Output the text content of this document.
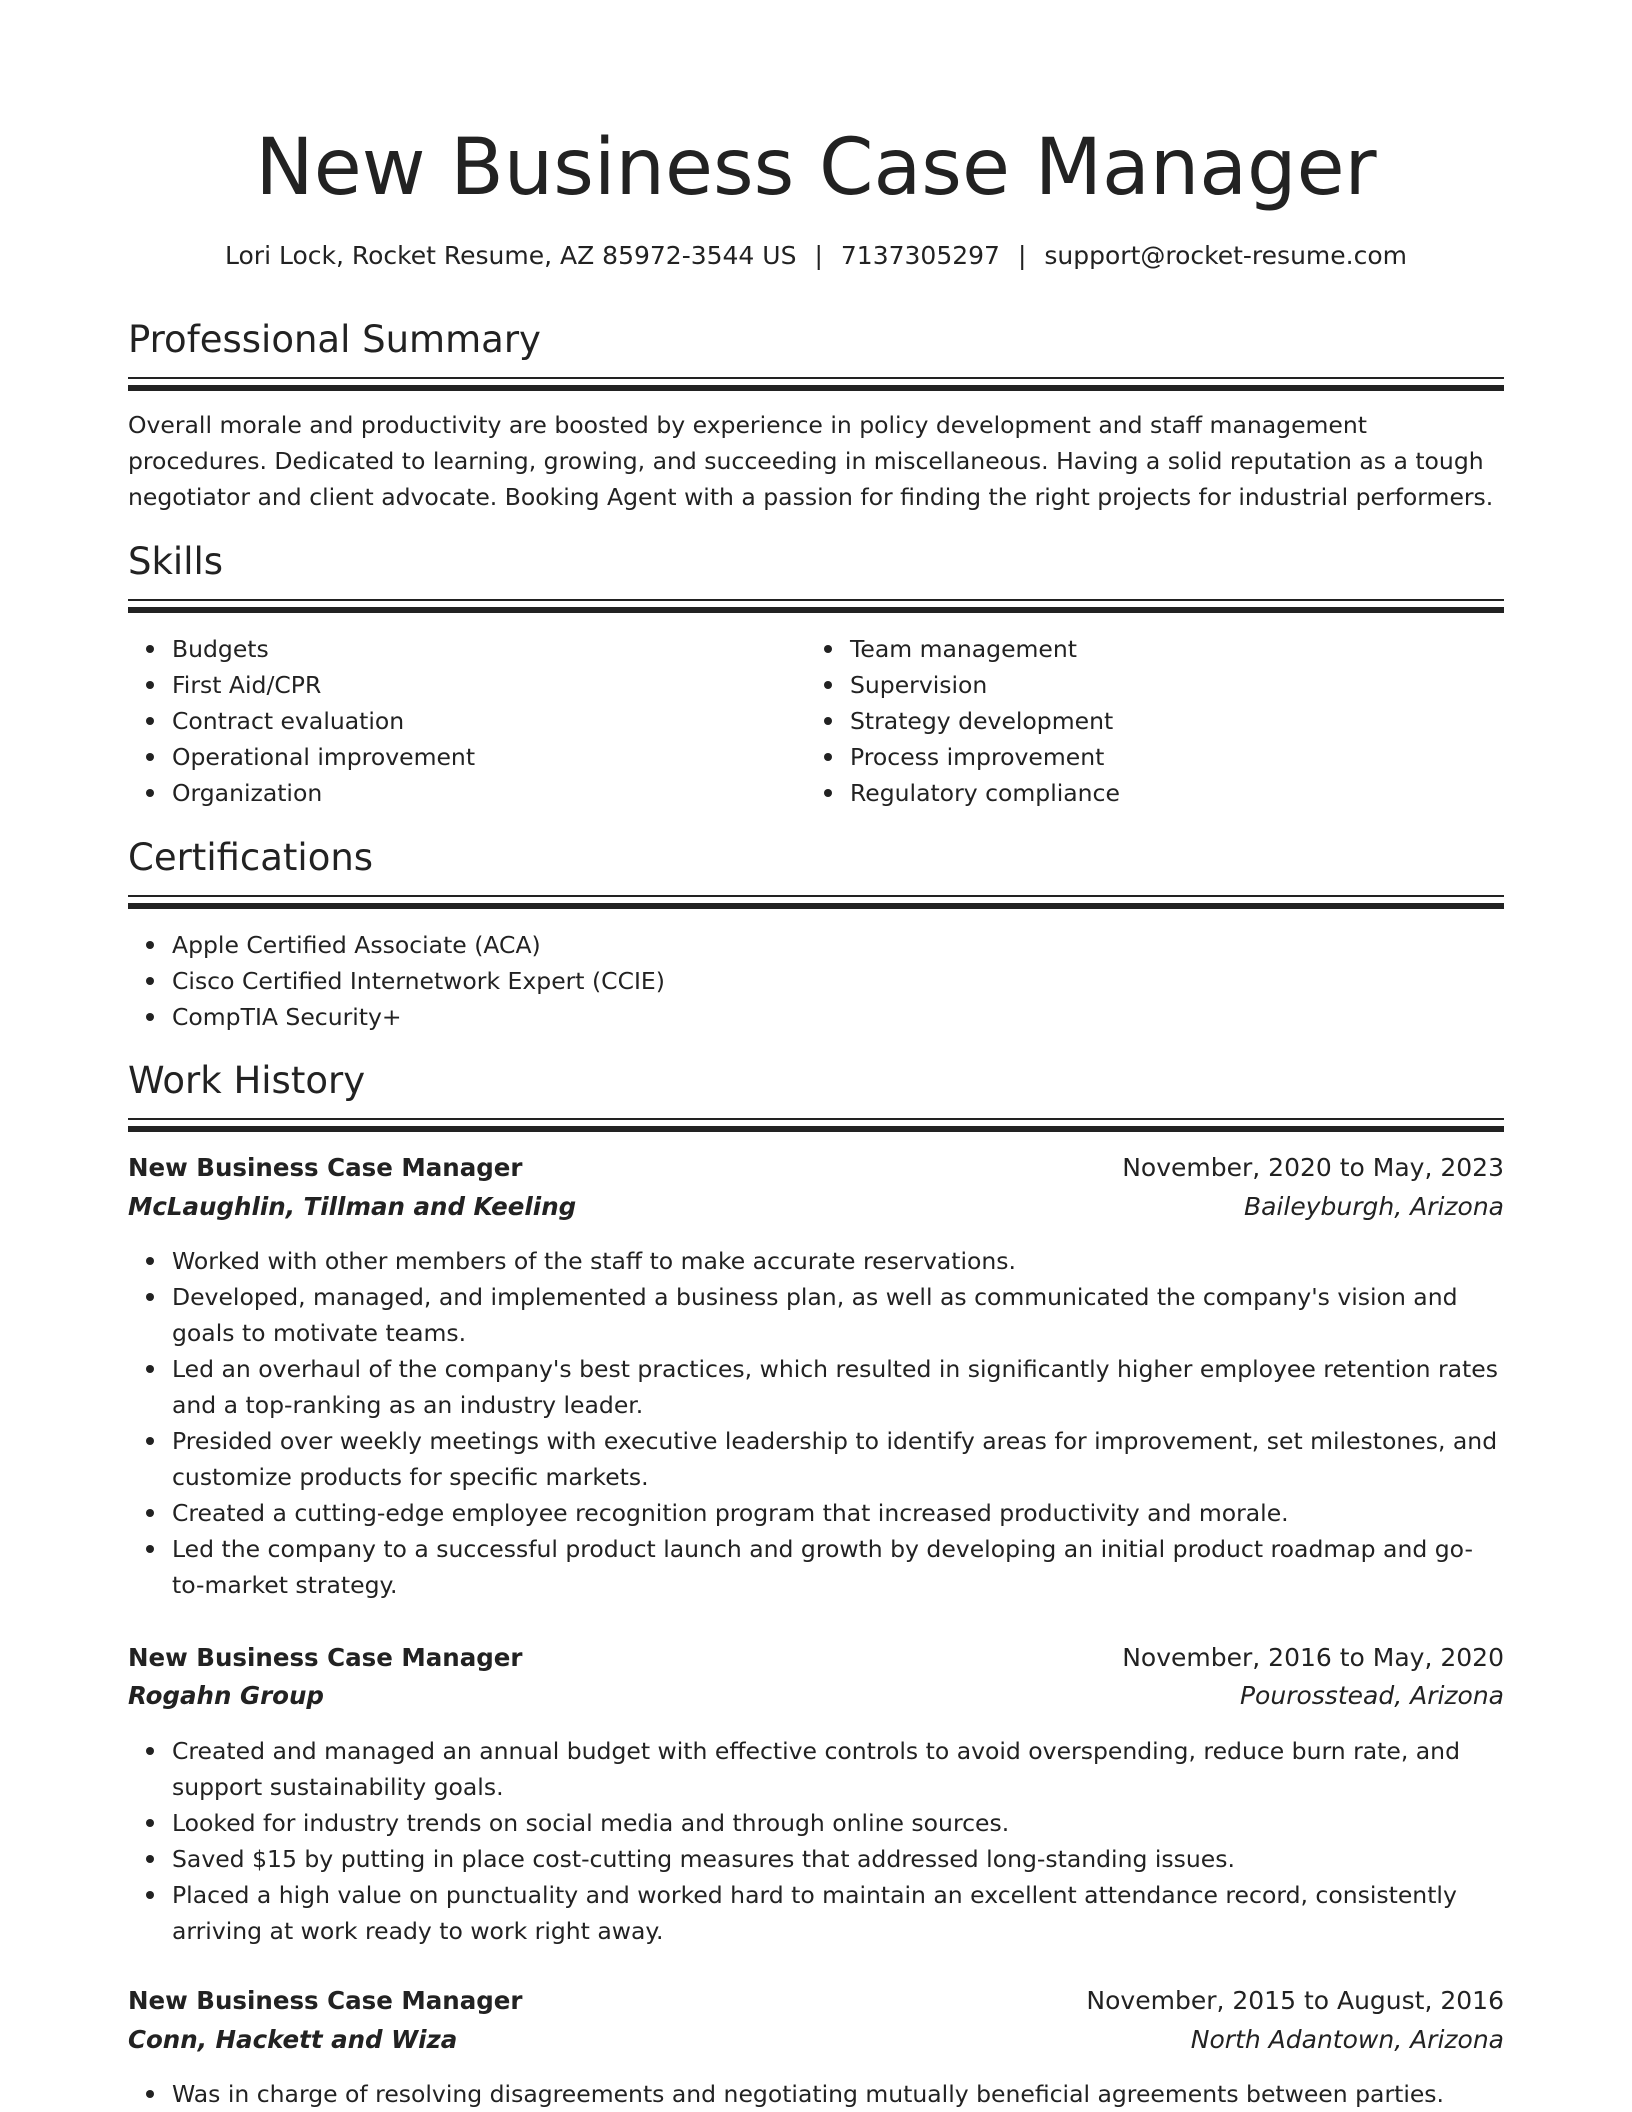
New Business Case Manager
Lori Lock, Rocket Resume, AZ 85972-3544 US | 7137305297 | support@rocket-resume.com
Professional Summary

Overall morale and productivity are boosted by experience in policy development and staff management procedures. Dedicated to learning, growing, and succeeding in miscellaneous. Having a solid reputation as a tough negotiator and client advocate. Booking Agent with a passion for finding the right projects for industrial performers.

Skills
Budgets
First Aid/CPR
Contract evaluation
Operational improvement
Organization
Team management
Supervision
Strategy development
Process improvement
Regulatory compliance
Certifications
Apple Certified Associate (ACA)
Cisco Certified Internetwork Expert (CCIE)
CompTIA Security+
Work History
New Business Case Manager	November, 2020 to May, 2023
McLaughlin, Tillman and Keeling	Baileyburgh, Arizona
Worked with other members of the staff to make accurate reservations.
Developed, managed, and implemented a business plan, as well as communicated the company's vision and goals to motivate teams.
Led an overhaul of the company's best practices, which resulted in significantly higher employee retention rates and a top-ranking as an industry leader.
Presided over weekly meetings with executive leadership to identify areas for improvement, set milestones, and customize products for specific markets.
Created a cutting-edge employee recognition program that increased productivity and morale.
Led the company to a successful product launch and growth by developing an initial product roadmap and go-to-market strategy.
New Business Case Manager	November, 2016 to May, 2020
Rogahn Group	Pourosstead, Arizona
Created and managed an annual budget with effective controls to avoid overspending, reduce burn rate, and support sustainability goals.
Looked for industry trends on social media and through online sources.
Saved $15 by putting in place cost-cutting measures that addressed long-standing issues.
Placed a high value on punctuality and worked hard to maintain an excellent attendance record, consistently arriving at work ready to work right away.
New Business Case Manager	November, 2015 to August, 2016
Conn, Hackett and Wiza	North Adantown, Arizona
Was in charge of resolving disagreements and negotiating mutually beneficial agreements between parties.
